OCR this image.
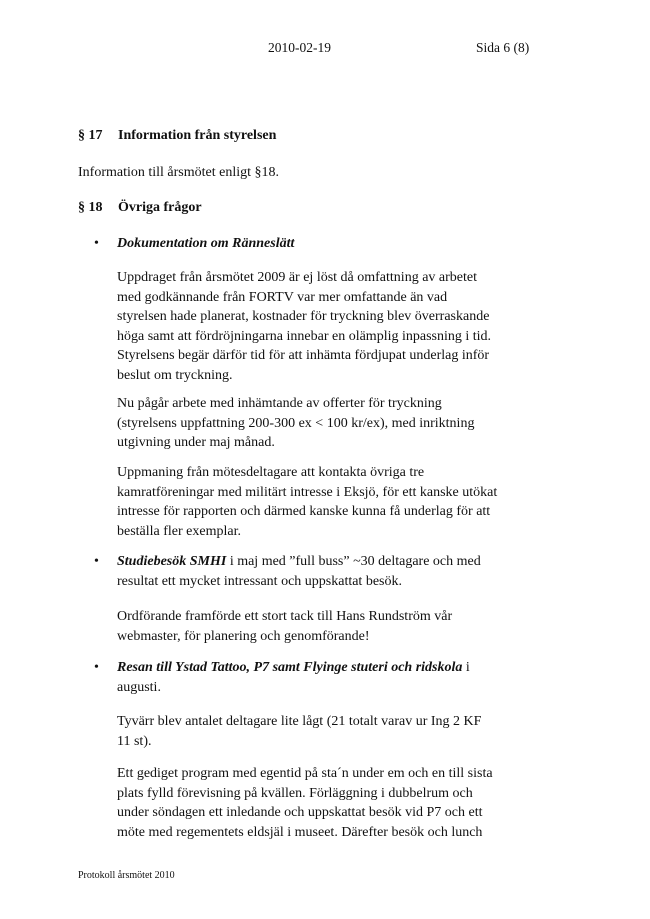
2010-02-19	Sida 6 (8)
§ 17 Information från styrelsen
Information till årsmötet enligt §18.
§ 18 Övriga frågor
• Dokumentation om Ränneslätt
Uppdraget från årsmötet 2009 är ej löst då omfattning av arbetet
med godkännande från FORTV var mer omfattande än vad
styrelsen hade planerat, kostnader för tryckning blev överraskande
höga samt att fördröjningarna innebar en olämplig inpassning i tid.
Styrelsens begär därför tid för att inhämta fördjupat underlag inför
beslut om tryckning.
Nu pågår arbete med inhämtande av offerter för tryckning
(styrelsens uppfattning 200-300 ex < 100 kr/ex), med inriktning
utgivning under maj månad.
Uppmaning från mötesdeltagare att kontakta övriga tre
kamratföreningar med militärt intresse i Eksjö, för ett kanske utökat
intresse för rapporten och därmed kanske kunna få underlag för att
beställa fler exemplar.
• Studiebesök SMHI i maj med ”full buss” ~30 deltagare och med
resultat ett mycket intressant och uppskattat besök.
Ordförande framförde ett stort tack till Hans Rundström vår
webmaster, för planering och genomförande!
• Resan till Ystad Tattoo, P7 samt Flyinge stuteri och ridskola i
augusti.
Tyvärr blev antalet deltagare lite lågt (21 totalt varav ur Ing 2 KF
11 st).
Ett gediget program med egentid på sta´n under em och en till sista
plats fylld förevisning på kvällen. Förläggning i dubbelrum och
under söndagen ett inledande och uppskattat besök vid P7 och ett
möte med regementets eldsjäl i museet. Därefter besök och lunch
Protokoll årsmötet 2010
